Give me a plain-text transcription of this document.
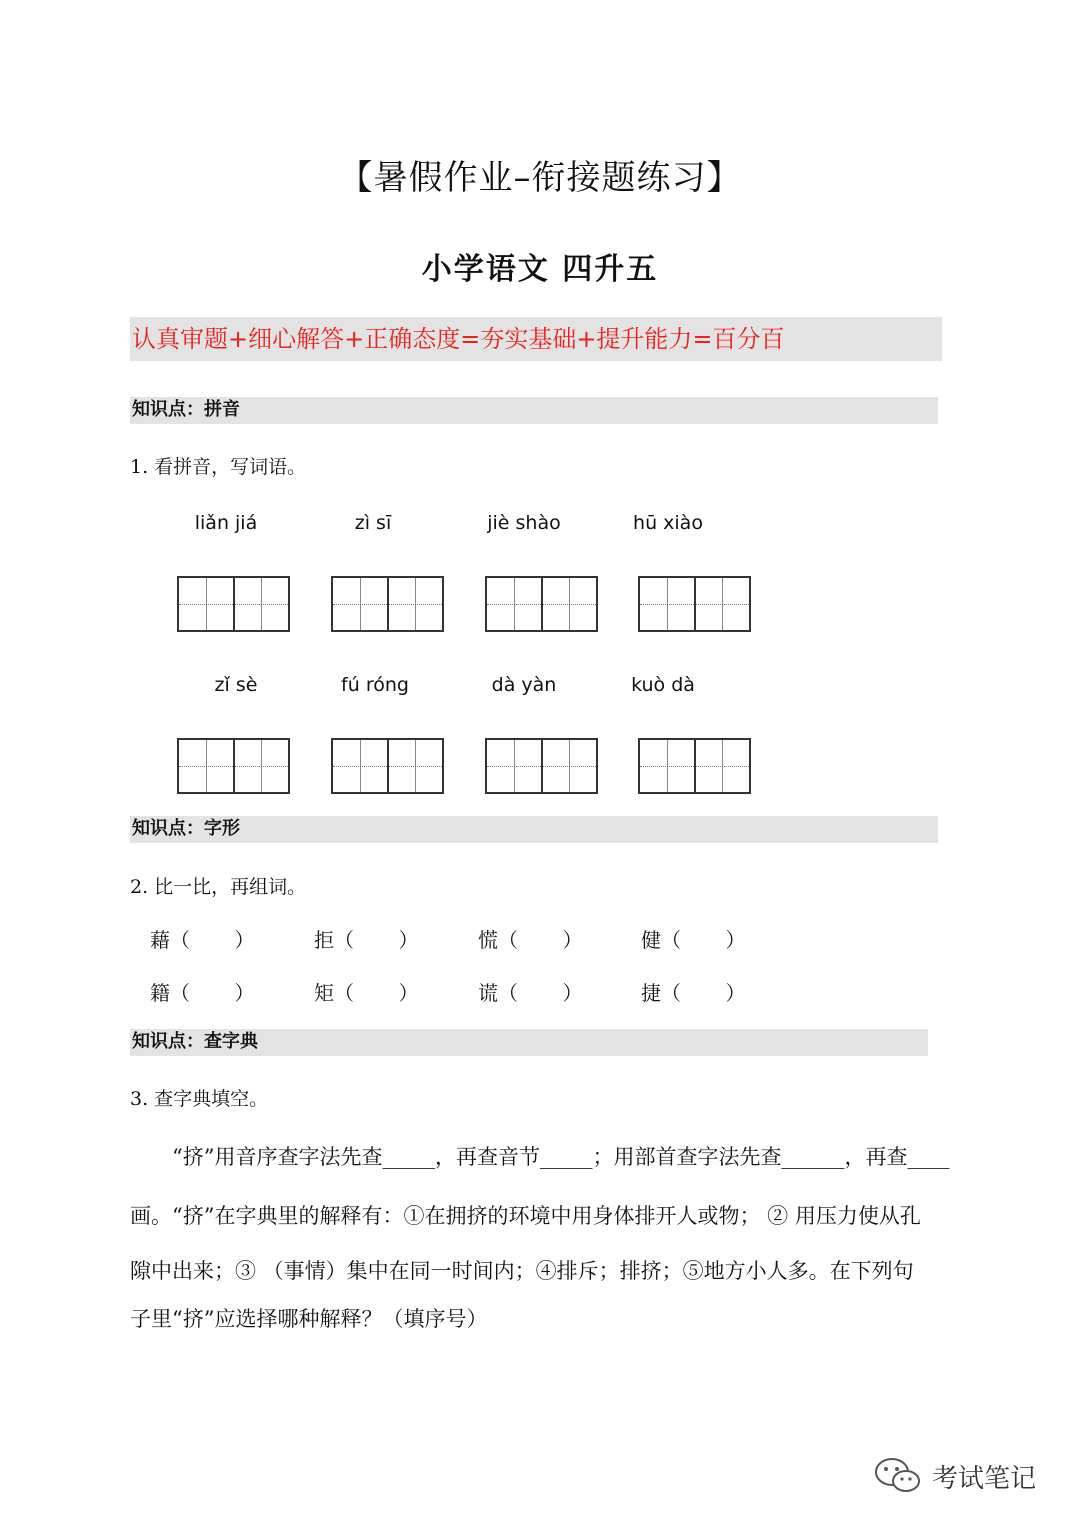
【暑假作业–衔接题练习】
小学语文 四升五
认真审题+细心解答+正确态度=夯实基础+提升能力=百分百
知识点：拼音
1. 看拼音，写词语。
liǎn jiá	zì sī	jiè shào	hū xiào
zǐ sè	fú róng	dà yàn	kuò dà
知识点：字形
2. 比一比，再组词。
藉（       ）	拒（       ）	慌（       ）	健（       ）
籍（       ）	矩（       ）	谎（       ）	捷（       ）
知识点：查字典
3. 查字典填空。
“挤”用音序查字法先查_____，再查音节_____；用部首查字法先查______，再查____
画。“挤”在字典里的解释有：①在拥挤的环境中用身体排开人或物； ② 用压力使从孔
隙中出来；③ （事情）集中在同一时间内；④排斥；排挤；⑤地方小人多。在下列句
子里“挤”应选择哪种解释？（填序号）
考试笔记
